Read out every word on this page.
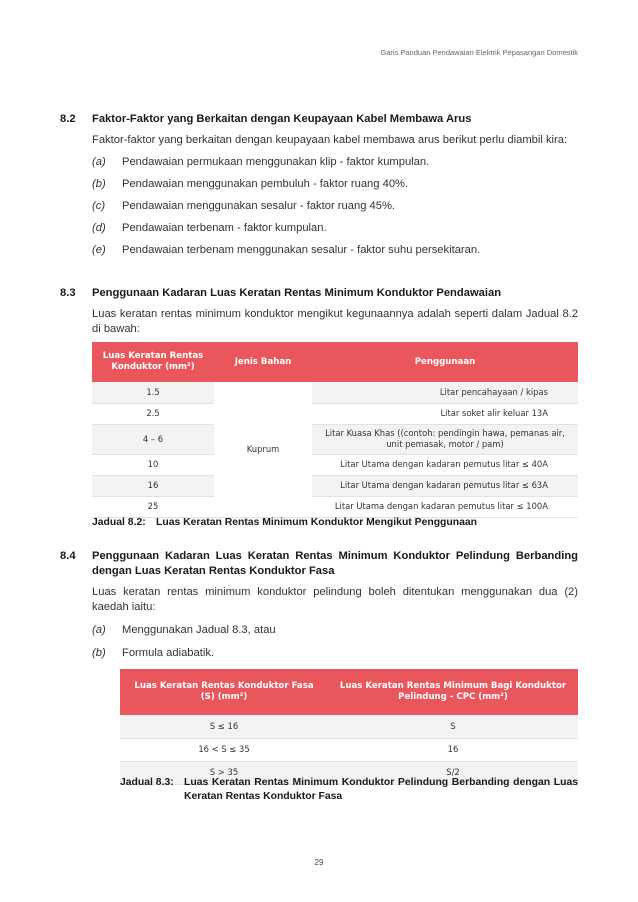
Garis Panduan Pendawaian Elektrik Pepasangan Domestik
8.2	Faktor-Faktor yang Berkaitan dengan Keupayaan Kabel Membawa Arus
Faktor-faktor yang berkaitan dengan keupayaan kabel membawa arus berikut perlu diambil kira:
(a)	Pendawaian permukaan menggunakan klip - faktor kumpulan.
(b)	Pendawaian menggunakan pembuluh - faktor ruang 40%.
(c)	Pendawaian menggunakan sesalur - faktor ruang 45%.
(d)	Pendawaian terbenam - faktor kumpulan.
(e)	Pendawaian terbenam menggunakan sesalur - faktor suhu persekitaran.
8.3	Penggunaan Kadaran Luas Keratan Rentas Minimum Konduktor Pendawaian
Luas keratan rentas minimum konduktor mengikut kegunaannya adalah seperti dalam Jadual 8.2 di bawah:
Luas Keratan Rentas Konduktor (mm²)	Jenis Bahan	Penggunaan
1.5	Kuprum	Litar pencahayaan / kipas
2.5		Litar soket alir keluar 13A
4 – 6		Litar Kuasa Khas ((contoh: pendingin hawa, pemanas air, unit pemasak, motor / pam)
10		Litar Utama dengan kadaran pemutus litar ≤ 40A
16		Litar Utama dengan kadaran pemutus litar ≤ 63A
25		Litar Utama dengan kadaran pemutus litar ≤ 100A
Jadual 8.2: Luas Keratan Rentas Minimum Konduktor Mengikut Penggunaan
8.4	Penggunaan Kadaran Luas Keratan Rentas Minimum Konduktor Pelindung Berbanding dengan Luas Keratan Rentas Konduktor Fasa
Luas keratan rentas minimum konduktor pelindung boleh ditentukan menggunakan dua (2) kaedah iaitu:
(a)	Menggunakan Jadual 8.3, atau
(b)	Formula adiabatik.
Luas Keratan Rentas Konduktor Fasa (S) (mm²)	Luas Keratan Rentas Minimum Bagi Konduktor Pelindung - CPC (mm²)
S ≤ 16	S
16 < S ≤ 35	16
S > 35	S/2
Jadual 8.3: Luas Keratan Rentas Minimum Konduktor Pelindung Berbanding dengan Luas Keratan Rentas Konduktor Fasa
29
